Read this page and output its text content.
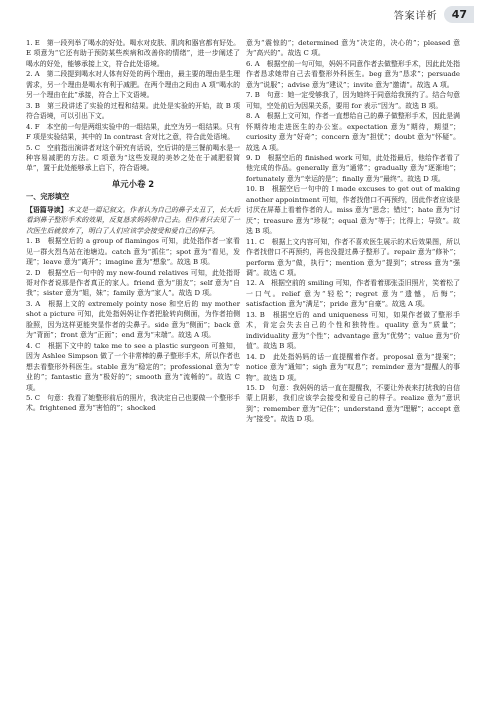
答案详析	47

1. E　第一段列举了喝水的好处。喝水对皮肤、肌肉和器官都有好处。E 项意为“它还有助于预防某些疾病和改善你的情绪”，进一步阐述了喝水的好处，能够承接上文，符合此处语境。

2. A　第二段提到喝水对人体有好处的两个理由，最主要的理由是生理需求，另一个理由是喝水有利于减肥。在两个理由之间由 A 项“喝水的另一个理由在此”承接，符合上下文语境。

3. B　第三段讲述了实验的过程和结果。此处是实验的开始，故 B 项符合语境，可以引出下文。

4. F　本空前一句是两组实验中的一组结果，此空为另一组结果。只有 F 项是实验结果，其中的 In contrast 含对比之意，符合此处语境。

5. C　空前指出演讲者对这个研究有话说，空后讲的是三餐前喝水是一种容易减肥的方法。C 项意为“这些发现的美妙之处在于减肥很简单”，置于此处能够承上启下，符合语境。

单元小卷 2
一、完形填空

【语篇导读】本文是一篇记叙文。作者认为自己的鼻子太丑了，长大后看到鼻子整形手术的效果，反复恳求妈妈带自己去。但作者只去见了一次医生后就放弃了，明白了人们应该学会接受和爱自己的样子。

1. B　根据空后的 a group of flamingos 可知，此处指作者一家看见一群火烈鸟站在池塘边。catch 意为“抓住”；spot 意为“看见，发现”；leave 意为“离开”；imagine 意为“想象”。故选 B 项。

2. D　根据空后一句中的 my new-found relatives 可知，此处指哥哥对作者说那是作者真正的家人。friend 意为“朋友”；self 意为“自我”；sister 意为“姐，妹”；family 意为“家人”。故选 D 项。

3. A　根据上文的 extremely pointy nose 和空后的 my mother shot a picture 可知，此处指妈妈让作者把脸转向侧面，为作者拍侧脸照，因为这样更能突显作者的尖鼻子。side 意为“侧面”；back 意为“背面”；front 意为“正面”；end 意为“末端”。故选 A 项。

4. C　根据下文中的 take me to see a plastic surgeon 可推知，因为 Ashlee Simpson 做了一个非常棒的鼻子整形手术，所以作者也想去看整形外科医生。stable 意为“稳定的”；professional 意为“专业的”；fantastic 意为“极好的”；smooth 意为“流畅的”。故选 C 项。

5. C　句意：我看了她整形前后的照片，我决定自己也要做一个整形手术。frightened 意为“害怕的”；shocked

意为“震惊的”；determined 意为“决定的，决心的”；pleased 意为“高兴的”。故选 C 项。

6. A　根据空前一句可知，妈妈不同意作者去做整形手术，因此此处指作者恳求她带自己去看整形外科医生。beg 意为“恳求”；persuade 意为“说服”；advise 意为“建议”；invite 意为“邀请”。故选 A 项。

7. B　句意：她一定受够我了，因为她终于同意给我预约了。结合句意可知，空处前后为因果关系，要用 for 表示“因为”。故选 B 项。

8. A　根据上文可知，作者一直想给自己的鼻子做整形手术，因此是满怀期待地走进医生的办公室。expectation 意为“期待，期望”；curiosity 意为“好奇”；concern 意为“担忧”；doubt 意为“怀疑”。故选 A 项。

9. D　根据空后的 finished work 可知，此处指最后，他给作者看了他完成的作品。generally 意为“通常”；gradually 意为“逐渐地”；fortunately 意为“幸运的是”；finally 意为“最终”。故选 D 项。

10. B　根据空后一句中的 I made excuses to get out of making another appointment 可知，作者找借口不再预约，因此作者应该是讨厌在屏幕上看着作者的人。miss 意为“思念；错过”；hate 意为“讨厌”；treasure 意为“珍视”；equal 意为“等于；比得上；导致”。故选 B 项。

11. C　根据上文内容可知，作者不喜欢医生展示的术后效果图，所以作者找借口不再预约，再也没提过鼻子整形了。repair 意为“修补”；perform 意为“做，执行”；mention 意为“提到”；stress 意为“强调”。故选 C 项。

12. A　根据空前的 smiling 可知，作者看着那张歪旧照片，笑着松了一口气。relief 意为“轻松”；regret 意为“遗憾，后悔”；satisfaction 意为“满足”；pride 意为“自豪”。故选 A 项。

13. B　根据空后的 and uniqueness 可知，如果作者做了整形手术，肯定会失去自己的个性和独特性。quality 意为“质量”；individuality 意为“个性”；advantage 意为“优势”；value 意为“价值”。故选 B 项。

14. D　此处指妈妈的话一直提醒着作者。proposal 意为“提案”；notice 意为“通知”；sigh 意为“叹息”；reminder 意为“提醒人的事物”。故选 D 项。

15. D　句意：我妈妈的话一直在提醒我，不要让外表来打扰我的自信蒙上阴影，我们应该学会接受和爱自己的样子。realize 意为“意识到”；remember 意为“记住”；understand 意为“理解”；accept 意为“接受”。故选 D 项。
